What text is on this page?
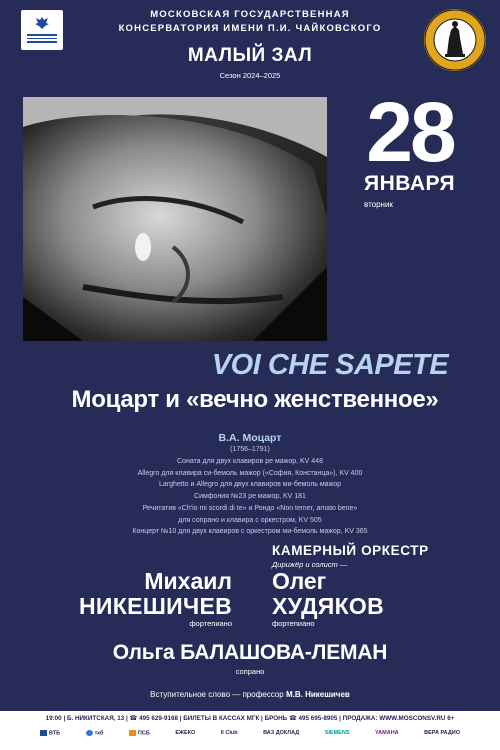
МОСКОВСКАЯ ГОСУДАРСТВЕННАЯ
КОНСЕРВАТОРИЯ ИМЕНИ П.И. ЧАЙКОВСКОГО
МАЛЫЙ ЗАЛ
Сезон 2024–2025
28
ЯНВАРЯ
вторник
VOI CHE SAPETE
Моцарт и «вечно женственное»
В.А. Моцарт
(1756–1791)
Соната для двух клавиров ре мажор, KV 448
Allegro для клавира си-бемоль мажор («София, Констанца»), KV 400
Larghetto и Allegro для двух клавиров ми-бемоль мажор
Симфония №23 ре мажор, KV 181
Речитатив «Ch'io mi scordi di te» и Рондо «Non temer, amato bene»
для сопрано и клавира с оркестром, KV 505
Концерт №10 для двух клавиров с оркестром ми-бемоль мажор, KV 365
КАМЕРНЫЙ ОРКЕСТР
Дирижёр и солист —
Михаил
НИКЕШИЧЕВ
фортепиано
Олег
ХУДЯКОВ
фортепиано
Ольга БАЛАШОВА-ЛЕМАН
сопрано
Вступительное слово — профессор М.В. Никешичев
19:00 | Б. НИКИТСКАЯ, 13 | ☎ 495 629-9168 | БИЛЕТЫ В КАССАХ МГК | БРОНЬ ☎ 495 695-8905 | ПРОДАЖА: WWW.MOSCONSV.RU 6+
ВТБ	ткб	ПСБ	ЕЖЕКО	Il Club	ВАЗ ДОКЛАД	SIEMENS	YAMAHA	ВЕРА РАДИО
